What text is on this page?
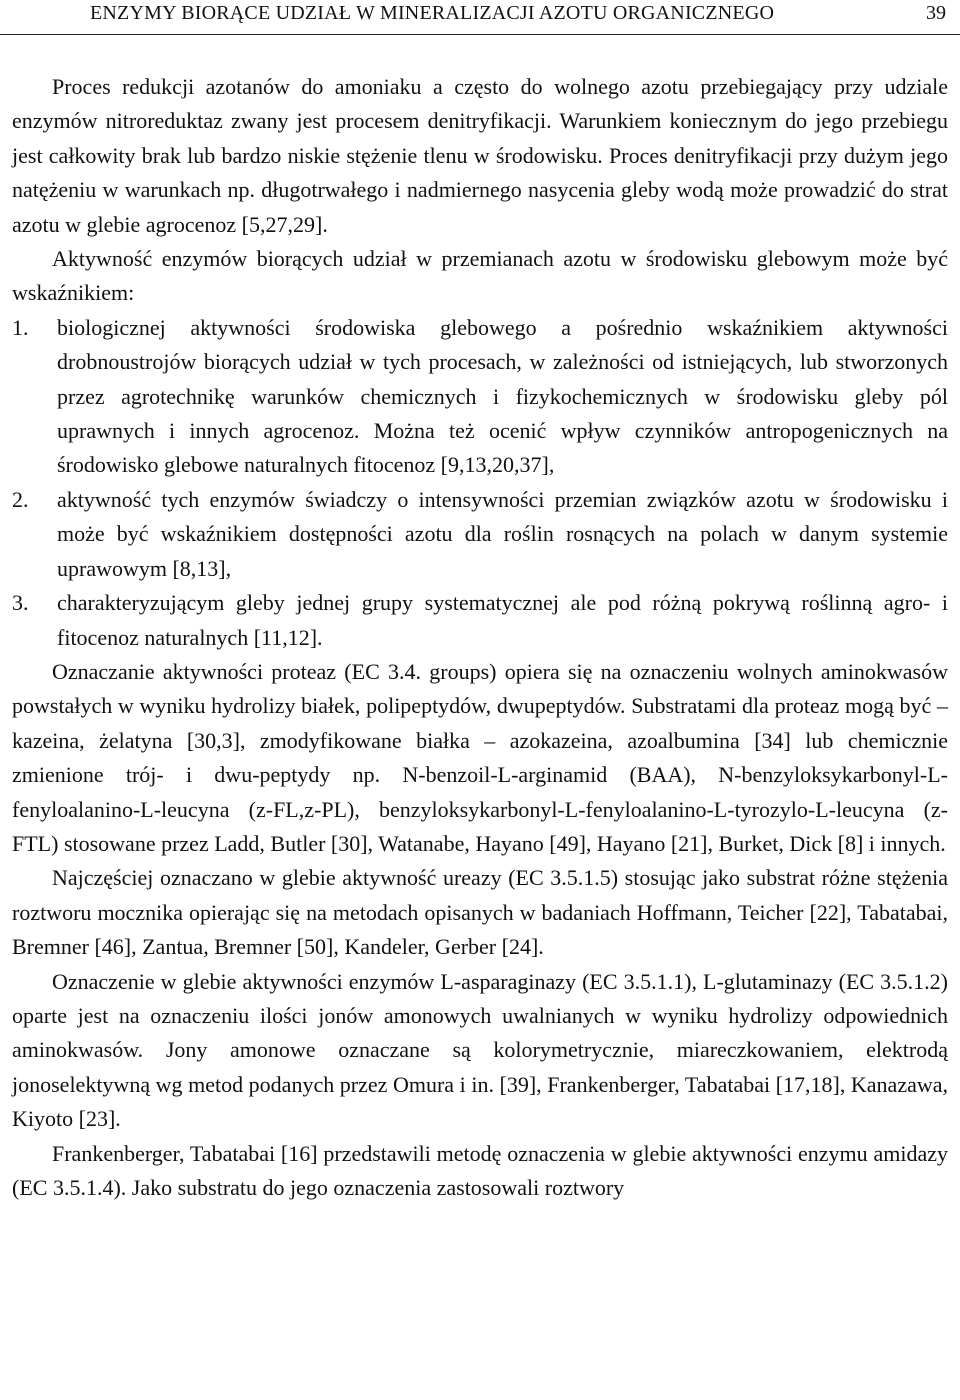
ENZYMY BIORĄCE UDZIAŁ W MINERALIZACJI AZOTU ORGANICZNEGO	39

Proces redukcji azotanów do amoniaku a często do wolnego azotu przebiegający przy udziale enzymów nitroreduktaz zwany jest procesem denitryfikacji. Warunkiem koniecznym do jego przebiegu jest całkowity brak lub bardzo niskie stężenie tlenu w środowisku. Proces denitryfikacji przy dużym jego natężeniu w warunkach np. długotrwałego i nadmiernego nasycenia gleby wodą może prowadzić do strat azotu w glebie agrocenoz [5,27,29].

Aktywność enzymów biorących udział w przemianach azotu w środowisku glebowym może być wskaźnikiem:

1. biologicznej aktywności środowiska glebowego a pośrednio wskaźnikiem aktywności drobnoustrojów biorących udział w tych procesach, w zależności od istniejących, lub stworzonych przez agrotechnikę warunków chemicznych i fizykochemicznych w środowisku gleby pól uprawnych i innych agrocenoz. Można też ocenić wpływ czynników antropogenicznych na środowisko glebowe naturalnych fitocenoz [9,13,20,37],
2. aktywność tych enzymów świadczy o intensywności przemian związków azotu w środowisku i może być wskaźnikiem dostępności azotu dla roślin rosnących na polach w danym systemie uprawowym [8,13],
3. charakteryzującym gleby jednej grupy systematycznej ale pod różną pokrywą roślinną agro- i fitocenoz naturalnych [11,12].

Oznaczanie aktywności proteaz (EC 3.4. groups) opiera się na oznaczeniu wolnych aminokwasów powstałych w wyniku hydrolizy białek, polipeptydów, dwupeptydów. Substratami dla proteaz mogą być – kazeina, żelatyna [30,3], zmodyfikowane białka – azokazeina, azoalbumina [34] lub chemicznie zmienione trój- i dwu-peptydy np. N-benzoil-L-arginamid (BAA), N-benzyloksykarbonyl-L-fenyloalanino-L-leucyna (z-FL,z-PL), benzyloksykarbonyl-L-fenyloalanino-L-tyrozylo-L-leucyna (z-FTL) stosowane przez Ladd, Butler [30], Watanabe, Hayano [49], Hayano [21], Burket, Dick [8] i innych.

Najczęściej oznaczano w glebie aktywność ureazy (EC 3.5.1.5) stosując jako substrat różne stężenia roztworu mocznika opierając się na metodach opisanych w badaniach Hoffmann, Teicher [22], Tabatabai, Bremner [46], Zantua, Bremner [50], Kandeler, Gerber [24].

Oznaczenie w glebie aktywności enzymów L-asparaginazy (EC 3.5.1.1), L-glutaminazy (EC 3.5.1.2) oparte jest na oznaczeniu ilości jonów amonowych uwalnianych w wyniku hydrolizy odpowiednich aminokwasów. Jony amonowe oznaczane są kolorymetrycznie, miareczkowaniem, elektrodą jonoselektywną wg metod podanych przez Omura i in. [39], Frankenberger, Tabatabai [17,18], Kanazawa, Kiyoto [23].

Frankenberger, Tabatabai [16] przedstawili metodę oznaczenia w glebie aktywności enzymu amidazy (EC 3.5.1.4). Jako substratu do jego oznaczenia zastosowali roztwory
